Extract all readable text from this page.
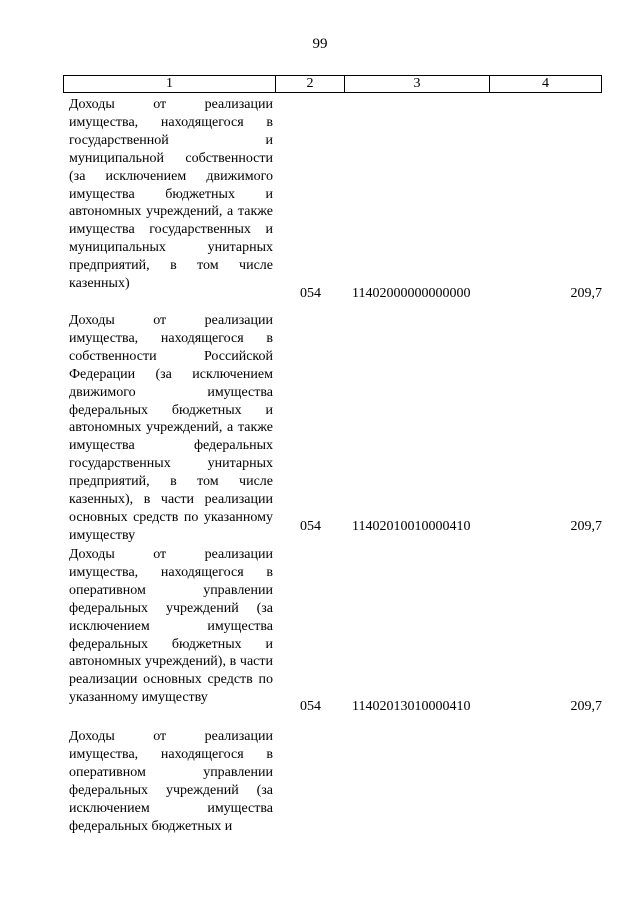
99
1	2	3	4
Доходы от реализации имущества, находящегося в государственной и муниципальной собственности (за исключением движимого имущества бюджетных и автономных учреждений, а также имущества государственных и муниципальных унитарных предприятий, в том числе казенных)
054 11402000000000000	209,7
Доходы от реализации имущества, находящегося в собственности Российской Федерации (за исключением движимого имущества федеральных бюджетных и автономных учреждений, а также имущества федеральных государственных унитарных предприятий, в том числе казенных), в части реализации основных средств по указанному имуществу
054 11402010010000410	209,7
Доходы от реализации имущества, находящегося в оперативном управлении федеральных учреждений (за исключением имущества федеральных бюджетных и автономных учреждений), в части реализации основных средств по указанному имуществу
054 11402013010000410	209,7
Доходы от реализации имущества, находящегося в оперативном управлении федеральных учреждений (за исключением имущества федеральных бюджетных и
